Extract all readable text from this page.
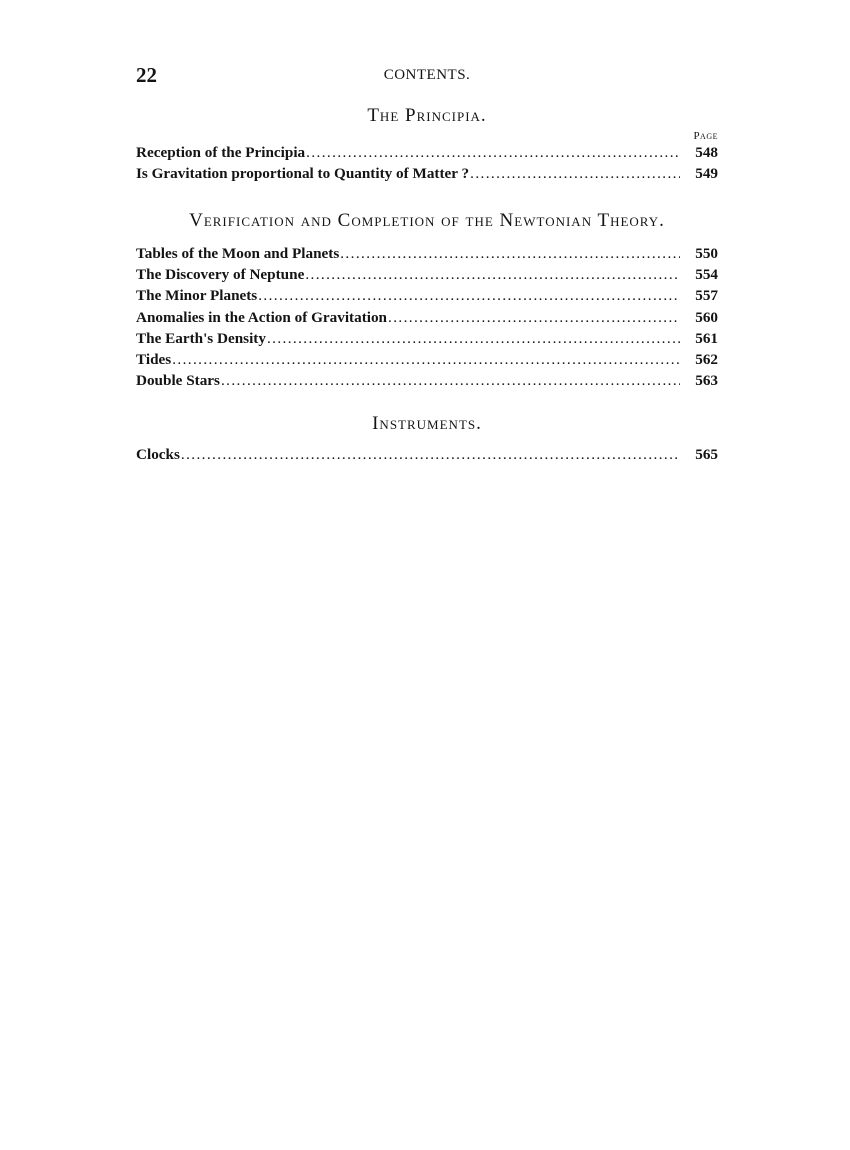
22	CONTENTS.
The Principia.
Page
Reception of the Principia . . .	548
Is Gravitation proportional to Quantity of Matter ? . . .	549
Verification and Completion of the Newtonian Theory.
Tables of the Moon and Planets . . .	550
The Discovery of Neptune . . .	554
The Minor Planets . . .	557
Anomalies in the Action of Gravitation . . .	560
The Earth's Density . . .	561
Tides . . .	562
Double Stars . . .	563
Instruments.
Clocks . . .	565
